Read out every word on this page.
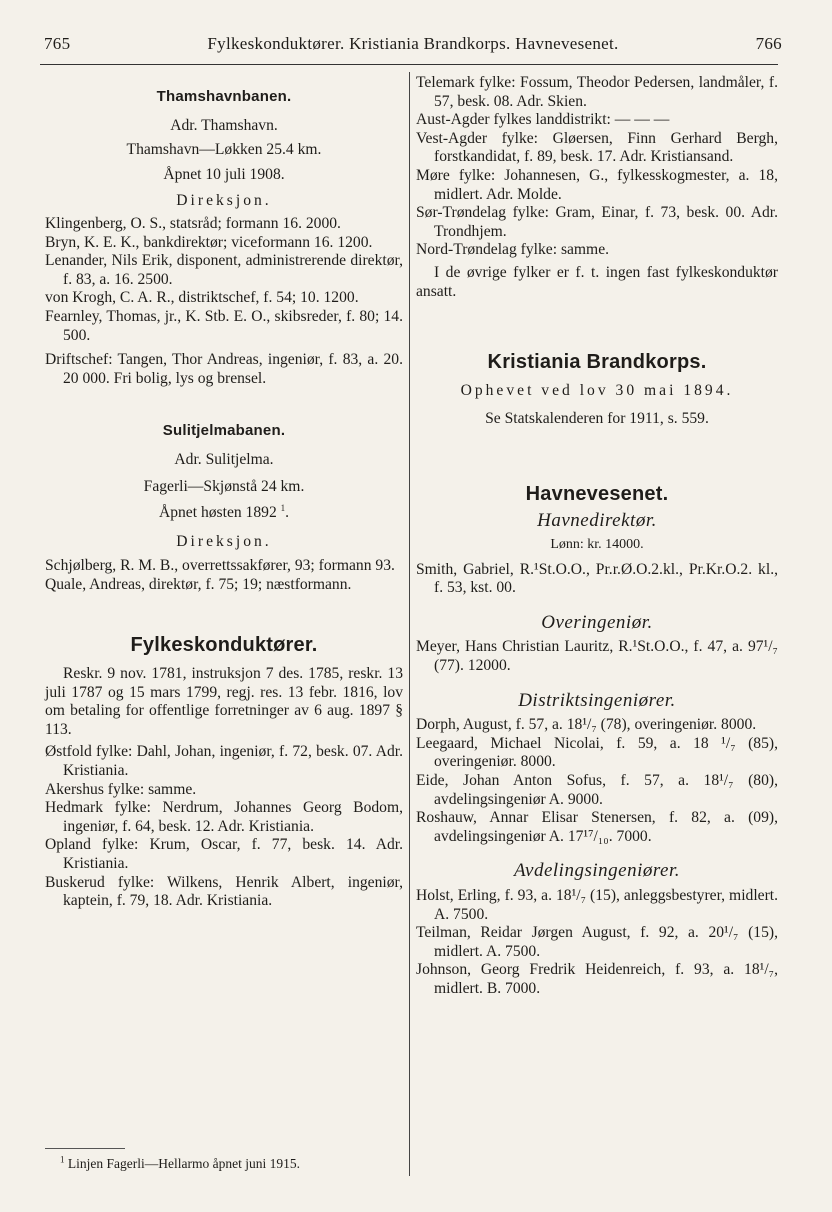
765	Fylkeskonduktører. Kristiania Brandkorps. Havnevesenet.	766

Thamshavnbanen.

Adr. Thamshavn.

Thamshavn—Løkken 25.4 km.

Åpnet 10 juli 1908.

Direksjon.

Klingenberg, O. S., statsråd; formann 16. 2000.

Bryn, K. E. K., bankdirektør; viceformann 16. 1200.

Lenander, Nils Erik, disponent, administrerende direktør, f. 83, a. 16. 2500.

von Krogh, C. A. R., distriktschef, f. 54; 10. 1200.

Fearnley, Thomas, jr., K. Stb. E. O., skibsreder, f. 80; 14. 500.

Driftschef: Tangen, Thor Andreas, ingeniør, f. 83, a. 20. 20 000. Fri bolig, lys og brensel.

Sulitjelmabanen.

Adr. Sulitjelma.

Fagerli—Skjønstå 24 km.

Åpnet høsten 1892 $^1$.

Direksjon.

Schjølberg, R. M. B., overrettssakfører, 93; formann 93.

Quale, Andreas, direktør, f. 75; 19; næstformann.

Fylkeskonduktører.

Reskr. 9 nov. 1781, instruksjon 7 des. 1785, reskr. 13 juli 1787 og 15 mars 1799, regj. res. 13 febr. 1816, lov om betaling for offentlige forretninger av 6 aug. 1897 § 113.

Østfold fylke: Dahl, Johan, ingeniør, f. 72, besk. 07. Adr. Kristiania.

Akershus fylke: samme.

Hedmark fylke: Nerdrum, Johannes Georg Bodom, ingeniør, f. 64, besk. 12. Adr. Kristiania.

Opland fylke: Krum, Oscar, f. 77, besk. 14. Adr. Kristiania.

Buskerud fylke: Wilkens, Henrik Albert, ingeniør, kaptein, f. 79, 18. Adr. Kristiania.

$^1$ Linjen Fagerli—Hellarmo åpnet juni 1915.

Telemark fylke: Fossum, Theodor Pedersen, landmåler, f. 57, besk. 08. Adr. Skien.

Aust-Agder fylkes landdistrikt: — — —

Vest-Agder fylke: Gløersen, Finn Gerhard Bergh, forstkandidat, f. 89, besk. 17. Adr. Kristiansand.

Møre fylke: Johannesen, G., fylkesskogmester, a. 18, midlert. Adr. Molde.

Sør-Trøndelag fylke: Gram, Einar, f. 73, besk. 00. Adr. Trondhjem.

Nord-Trøndelag fylke: samme.

I de øvrige fylker er f. t. ingen fast fylkeskonduktør ansatt.

Kristiania Brandkorps.

Ophevet ved lov 30 mai 1894.

Se Statskalenderen for 1911, s. 559.

Havnevesenet.

Havnedirektør.

Lønn: kr. 14000.

Smith, Gabriel, R.¹St.O.O., Pr.r.Ø.O.2.kl., Pr.Kr.O.2. kl., f. 53, kst. 00.

Overingeniør.

Meyer, Hans Christian Lauritz, R.¹St.O.O., f. 47, a. 97¹/₇ (77). 12000.

Distriktsingeniører.

Dorph, August, f. 57, a. 18¹/₇ (78), overingeniør. 8000.

Leegaard, Michael Nicolai, f. 59, a. 18 ¹/₇ (85), overingeniør. 8000.

Eide, Johan Anton Sofus, f. 57, a. 18¹/₇ (80), avdelingsingeniør A. 9000.

Roshauw, Annar Elisar Stenersen, f. 82, a. (09), avdelingsingeniør A. 17¹⁷/₁₀. 7000.

Avdelingsingeniører.

Holst, Erling, f. 93, a. 18¹/₇ (15), anleggsbestyrer, midlert. A. 7500.

Teilman, Reidar Jørgen August, f. 92, a. 20¹/₇ (15), midlert. A. 7500.

Johnson, Georg Fredrik Heidenreich, f. 93, a. 18¹/₇, midlert. B. 7000.
